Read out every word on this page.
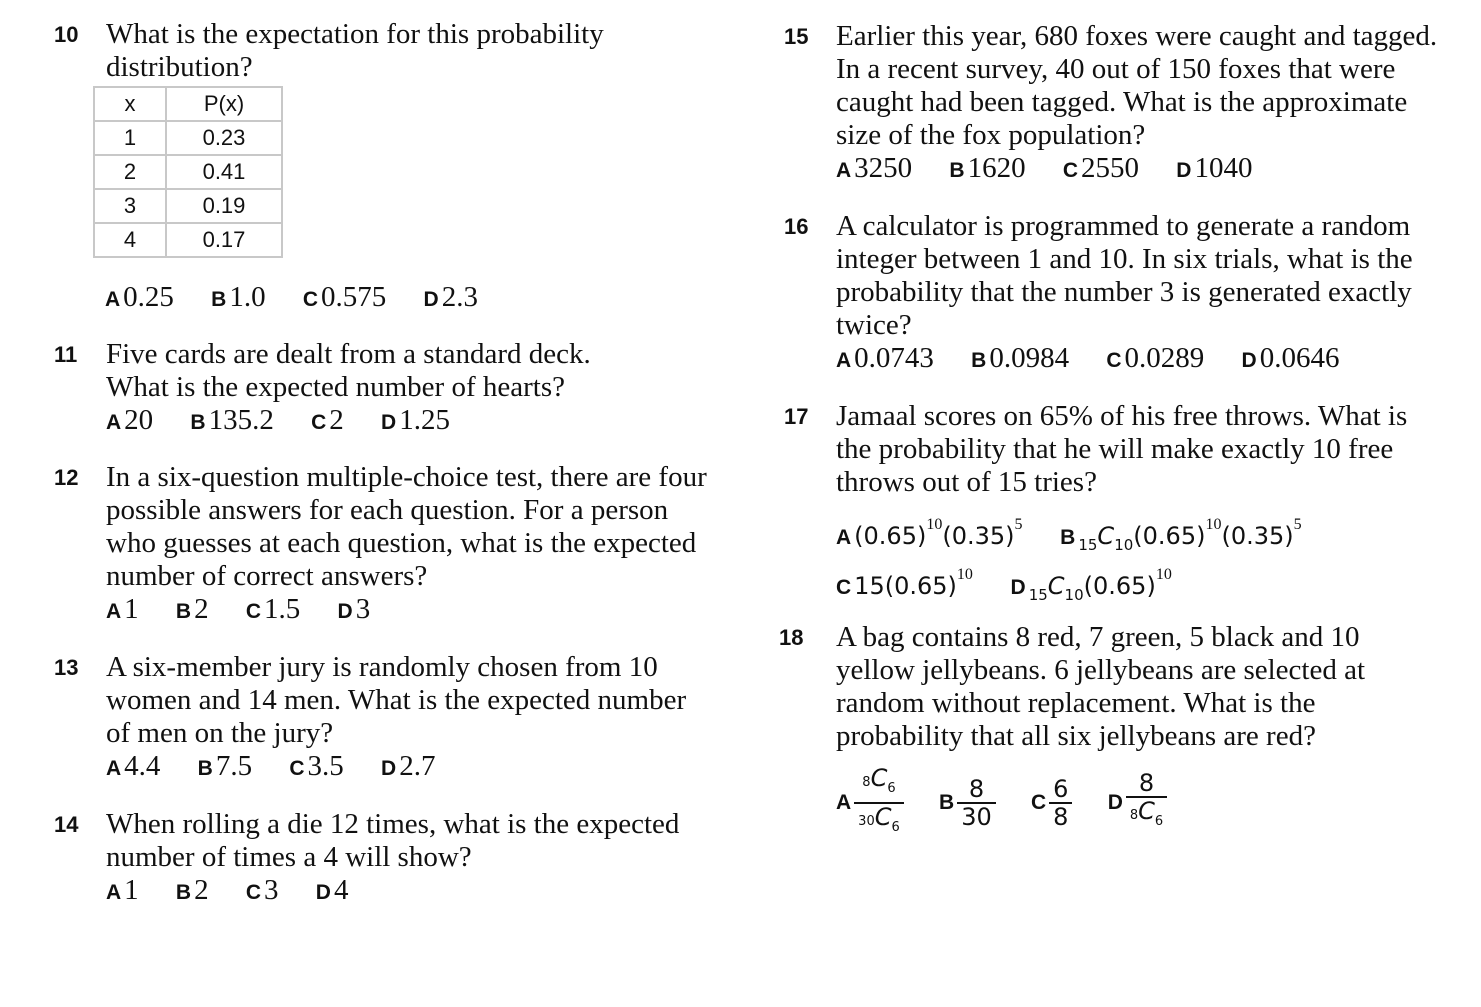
10 What is the expectation for this probability
distribution?
x	P(x)
1	0.23
2	0.41
3	0.19
4	0.17
A 0.25 B 1.0 C 0.575 D 2.3
11 Five cards are dealt from a standard deck.
What is the expected number of hearts?
A 20 B 135.2 C 2 D 1.25
12 In a six-question multiple-choice test, there are four
possible answers for each question. For a person
who guesses at each question, what is the expected
number of correct answers?
A 1 B 2 C 1.5 D 3
13 A six-member jury is randomly chosen from 10
women and 14 men. What is the expected number
of men on the jury?
A 4.4 B 7.5 C 3.5 D 2.7
14 When rolling a die 12 times, what is the expected
number of times a 4 will show?
A 1 B 2 C 3 D 4
15 Earlier this year, 680 foxes were caught and tagged.
In a recent survey, 40 out of 150 foxes that were
caught had been tagged. What is the approximate
size of the fox population?
A 3250 B 1620 C 2550 D 1040
16 A calculator is programmed to generate a random
integer between 1 and 10. In six trials, what is the
probability that the number 3 is generated exactly
twice?
A 0.0743 B 0.0984 C 0.0289 D 0.0646
17 Jamaal scores on 65% of his free throws. What is
the probability that he will make exactly 10 free
throws out of 15 tries?
A $(0.65)^{10}(0.35)^5$ B $_{15}C_{10}(0.65)^{10}(0.35)^5$
C $15(0.65)^{10}$ D $_{15}C_{10}(0.65)^{10}$
18 A bag contains 8 red, 7 green, 5 black and 10
yellow jellybeans. 6 jellybeans are selected at
random without replacement. What is the
probability that all six jellybeans are red?
A $\frac{8C_6}{30C_6}$
B $\frac{8}{30}$
C $\frac{6}{8}$
D $\frac{8}{8C_6}$
